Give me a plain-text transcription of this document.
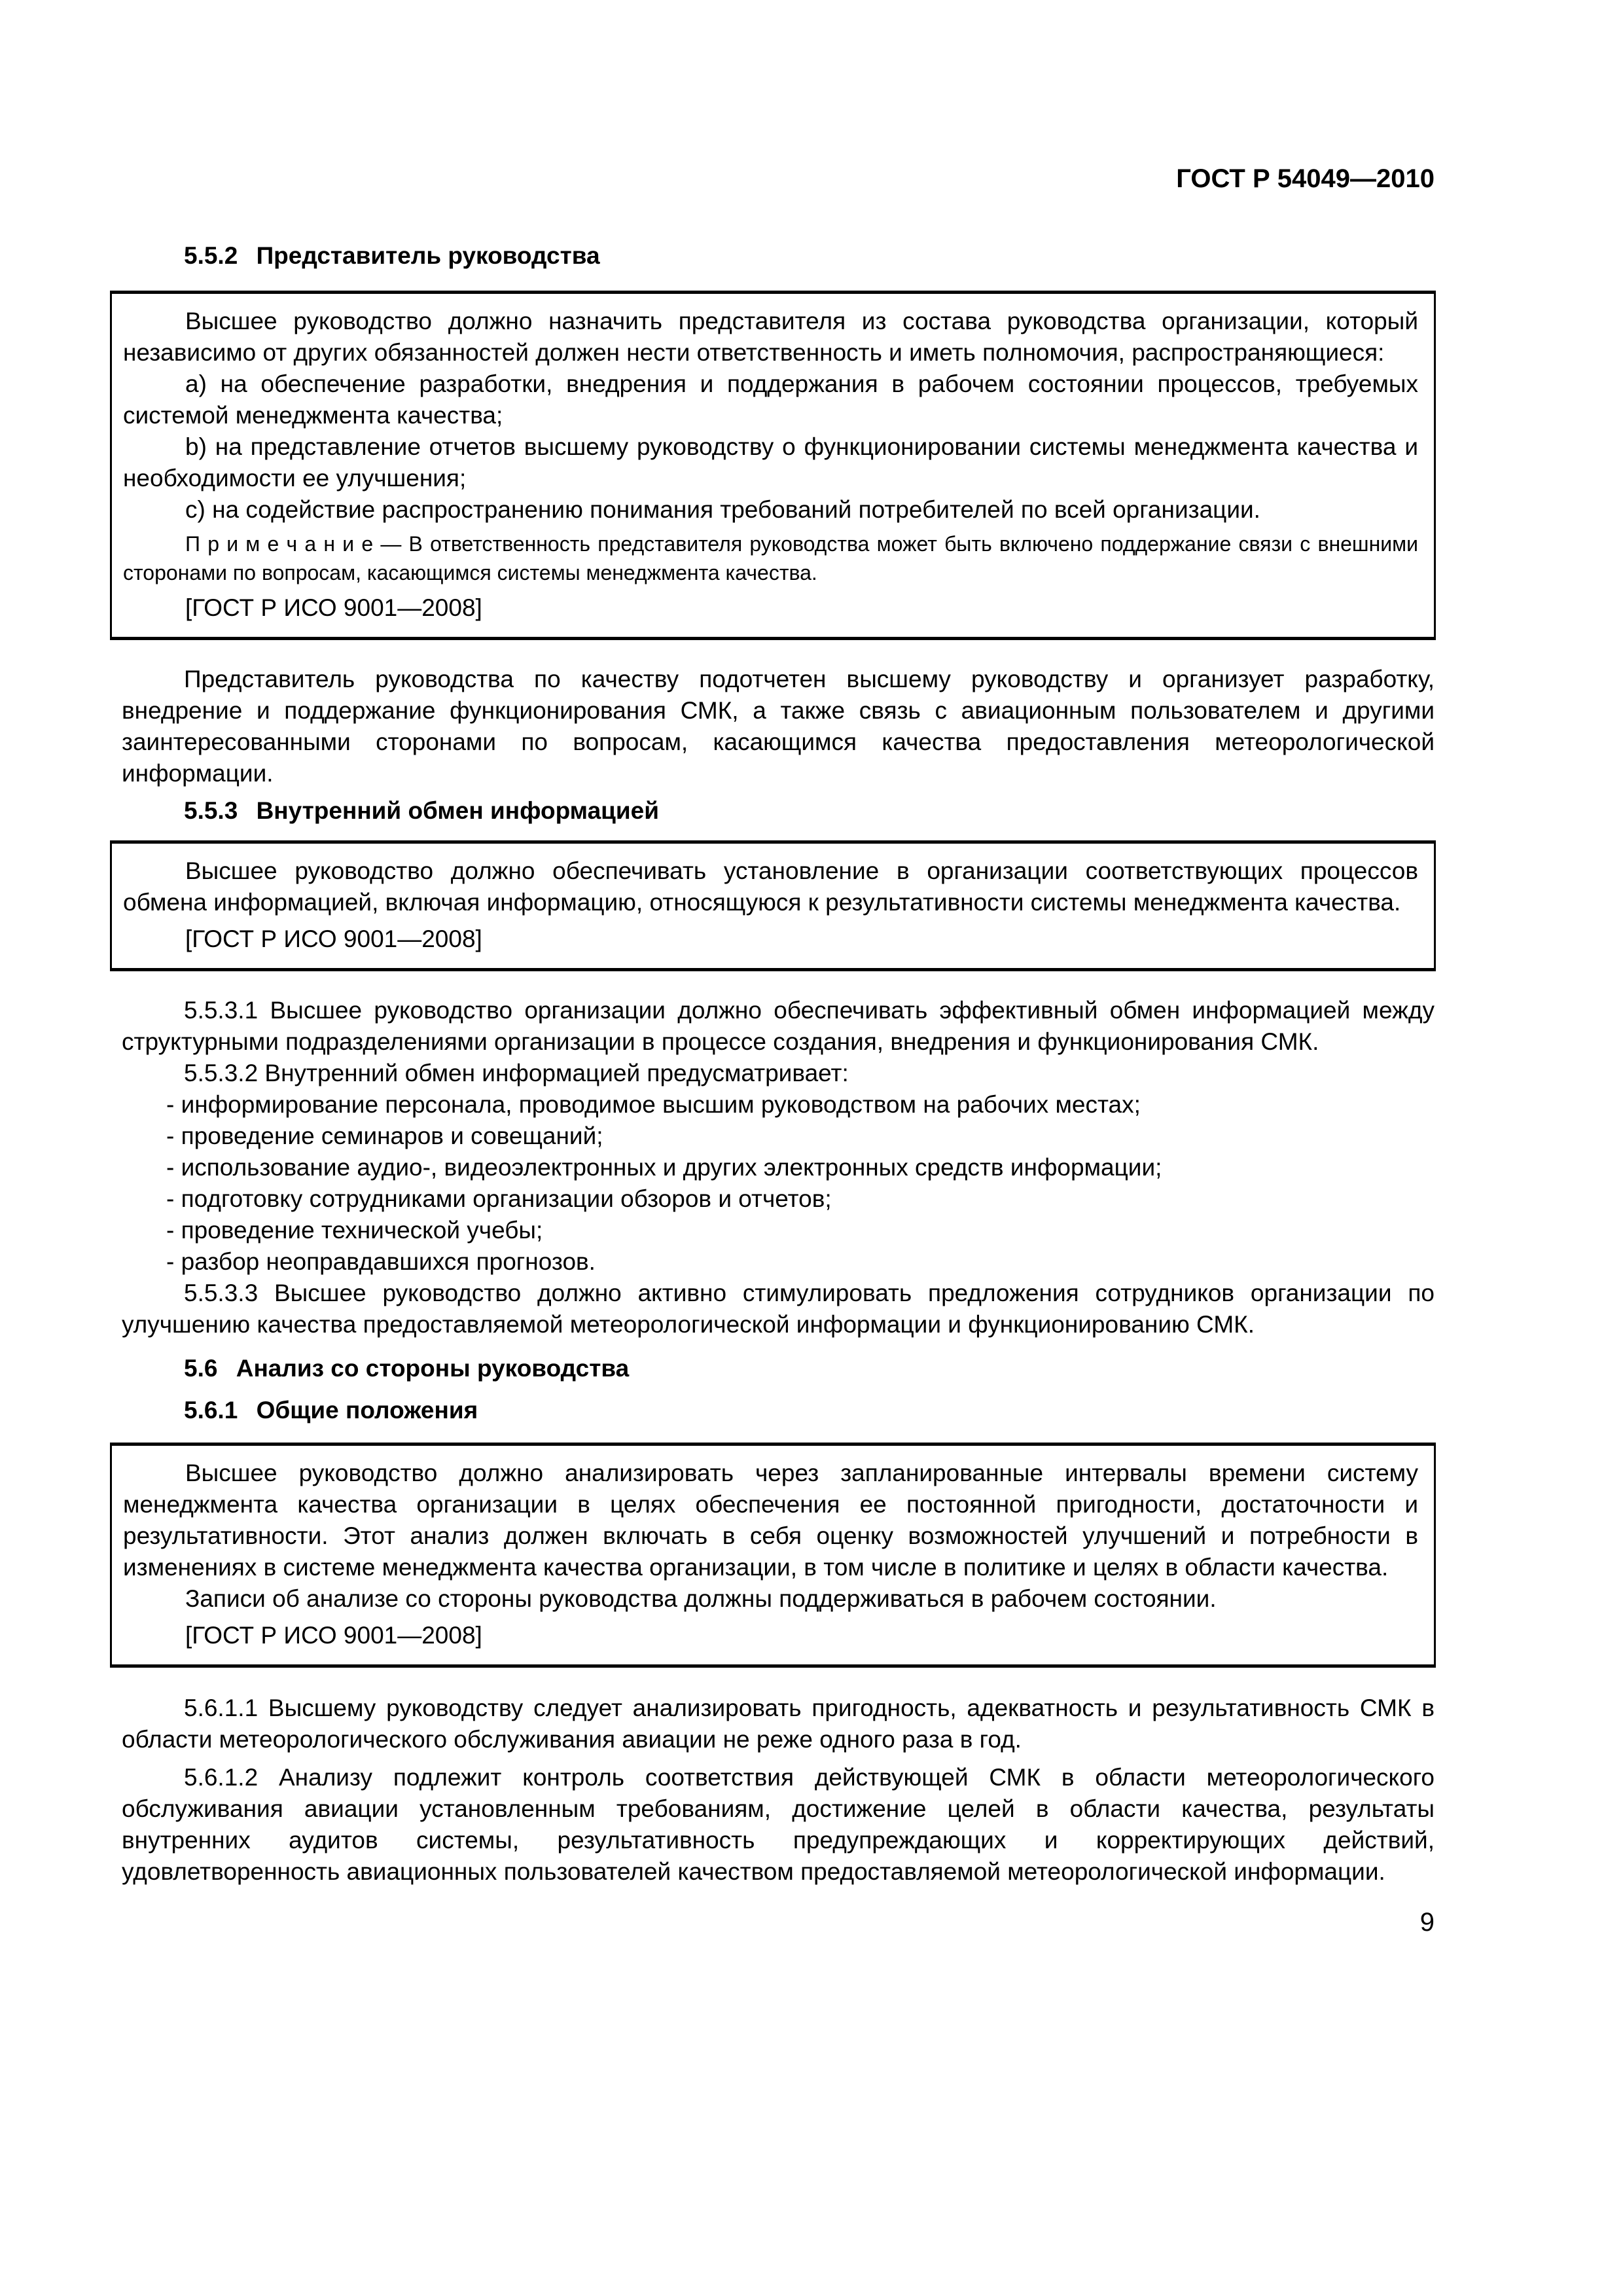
ГОСТ Р 54049—2010
5.5.2 Представитель руководства

Высшее руководство должно назначить представителя из состава руководства организации, который независимо от других обязанностей должен нести ответственность и иметь полномочия, распространяющиеся:

a) на обеспечение разработки, внедрения и поддержания в рабочем состоянии процессов, требуемых системой менеджмента качества;

b) на представление отчетов высшему руководству о функционировании системы менеджмента качества и необходимости ее улучшения;

c) на содействие распространению понимания требований потребителей по всей организации.

П р и м е ч а н и е — В ответственность представителя руководства может быть включено поддержание связи с внешними сторонами по вопросам, касающимся системы менеджмента качества.

[ГОСТ Р ИСО 9001—2008]

Представитель руководства по качеству подотчетен высшему руководству и организует разработку, внедрение и поддержание функционирования СМК, а также связь с авиационным пользователем и другими заинтересованными сторонами по вопросам, касающимся качества предоставления метеорологической информации.

5.5.3 Внутренний обмен информацией

Высшее руководство должно обеспечивать установление в организации соответствующих процессов обмена информацией, включая информацию, относящуюся к результативности системы менеджмента качества.

[ГОСТ Р ИСО 9001—2008]

5.5.3.1 Высшее руководство организации должно обеспечивать эффективный обмен информацией между структурными подразделениями организации в процессе создания, внедрения и функционирования СМК.

5.5.3.2 Внутренний обмен информацией предусматривает:

- информирование персонала, проводимое высшим руководством на рабочих местах;

- проведение семинаров и совещаний;

- использование аудио-, видеоэлектронных и других электронных средств информации;

- подготовку сотрудниками организации обзоров и отчетов;

- проведение технической учебы;

- разбор неоправдавшихся прогнозов.

5.5.3.3 Высшее руководство должно активно стимулировать предложения сотрудников организации по улучшению качества предоставляемой метеорологической информации и функционированию СМК.

5.6 Анализ со стороны руководства
5.6.1 Общие положения

Высшее руководство должно анализировать через запланированные интервалы времени систему менеджмента качества организации в целях обеспечения ее постоянной пригодности, достаточности и результативности. Этот анализ должен включать в себя оценку возможностей улучшений и потребности в изменениях в системе менеджмента качества организации, в том числе в политике и целях в области качества.

Записи об анализе со стороны руководства должны поддерживаться в рабочем состоянии.

[ГОСТ Р ИСО 9001—2008]

5.6.1.1 Высшему руководству следует анализировать пригодность, адекватность и результативность СМК в области метеорологического обслуживания авиации не реже одного раза в год.

5.6.1.2 Анализу подлежит контроль соответствия действующей СМК в области метеорологического обслуживания авиации установленным требованиям, достижение целей в области качества, результаты внутренних аудитов системы, результативность предупреждающих и корректирующих действий, удовлетворенность авиационных пользователей качеством предоставляемой метеорологической информации.

9
